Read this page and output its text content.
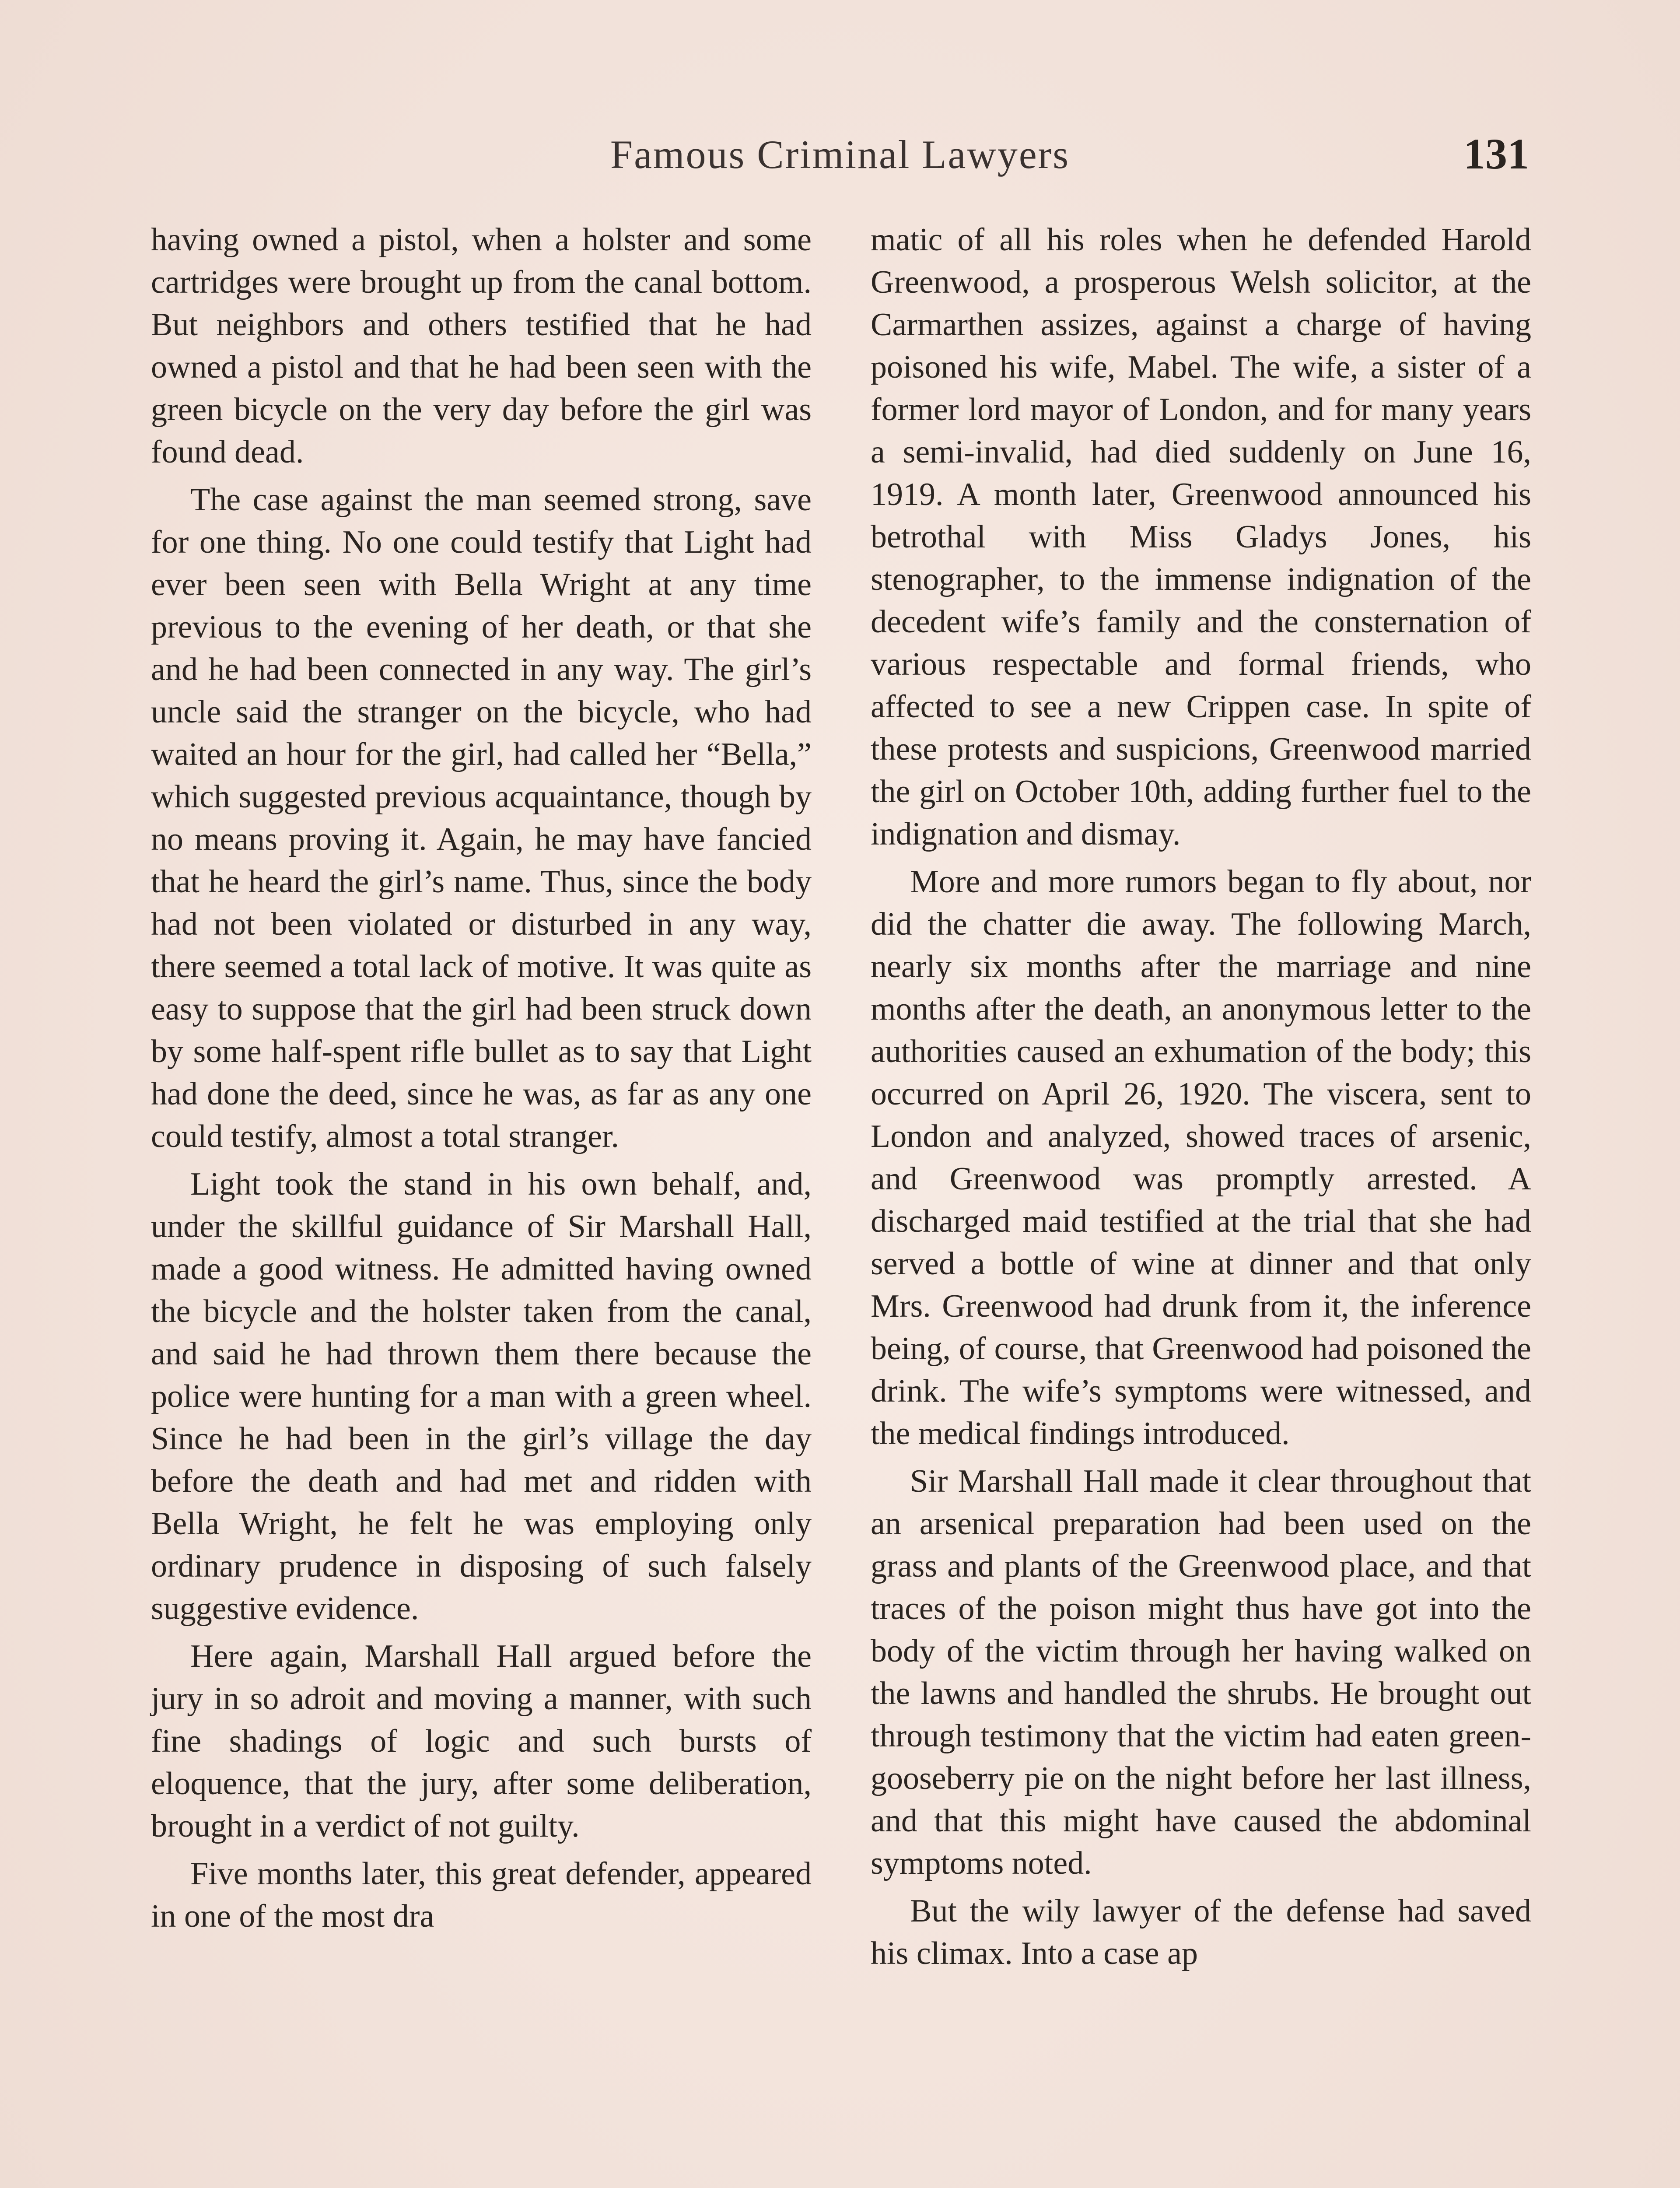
Famous Criminal Lawyers	131

having owned a pistol, when a holster and some cartridges were brought up from the canal bottom. But neighbors and others testified that he had owned a pistol and that he had been seen with the green bicycle on the very day before the girl was found dead.

The case against the man seemed strong, save for one thing. No one could testify that Light had ever been seen with Bella Wright at any time previous to the evening of her death, or that she and he had been connected in any way. The girl’s uncle said the stranger on the bicycle, who had waited an hour for the girl, had called her “Bella,” which suggested previous acquaintance, though by no means proving it. Again, he may have fancied that he heard the girl’s name. Thus, since the body had not been violated or disturbed in any way, there seemed a total lack of motive. It was quite as easy to suppose that the girl had been struck down by some half-spent rifle bullet as to say that Light had done the deed, since he was, as far as any one could testify, almost a total stranger.

Light took the stand in his own behalf, and, under the skillful guidance of Sir Marshall Hall, made a good witness. He admitted having owned the bicycle and the holster taken from the canal, and said he had thrown them there because the police were hunting for a man with a green wheel. Since he had been in the girl’s village the day before the death and had met and ridden with Bella Wright, he felt he was employing only ordinary prudence in disposing of such falsely suggestive evidence.

Here again, Marshall Hall argued before the jury in so adroit and moving a manner, with such fine shadings of logic and such bursts of eloquence, that the jury, after some deliberation, brought in a verdict of not guilty.

Five months later, this great defender, appeared in one of the most dra

matic of all his roles when he defended Harold Greenwood, a prosperous Welsh solicitor, at the Carmarthen assizes, against a charge of having poisoned his wife, Mabel. The wife, a sister of a former lord mayor of London, and for many years a semi-invalid, had died suddenly on June 16, 1919. A month later, Greenwood announced his betrothal with Miss Gladys Jones, his stenographer, to the immense indignation of the decedent wife’s family and the consternation of various respectable and formal friends, who affected to see a new Crippen case. In spite of these protests and suspicions, Greenwood married the girl on October 10th, adding further fuel to the indignation and dismay.

More and more rumors began to fly about, nor did the chatter die away. The following March, nearly six months after the marriage and nine months after the death, an anonymous letter to the authorities caused an exhumation of the body; this occurred on April 26, 1920. The viscera, sent to London and analyzed, showed traces of arsenic, and Greenwood was promptly arrested. A discharged maid testified at the trial that she had served a bottle of wine at dinner and that only Mrs. Greenwood had drunk from it, the inference being, of course, that Greenwood had poisoned the drink. The wife’s symptoms were witnessed, and the medical findings introduced.

Sir Marshall Hall made it clear throughout that an arsenical preparation had been used on the grass and plants of the Greenwood place, and that traces of the poison might thus have got into the body of the victim through her having walked on the lawns and handled the shrubs. He brought out through testimony that the victim had eaten green-gooseberry pie on the night before her last illness, and that this might have caused the abdominal symptoms noted.

But the wily lawyer of the defense had saved his climax. Into a case ap
